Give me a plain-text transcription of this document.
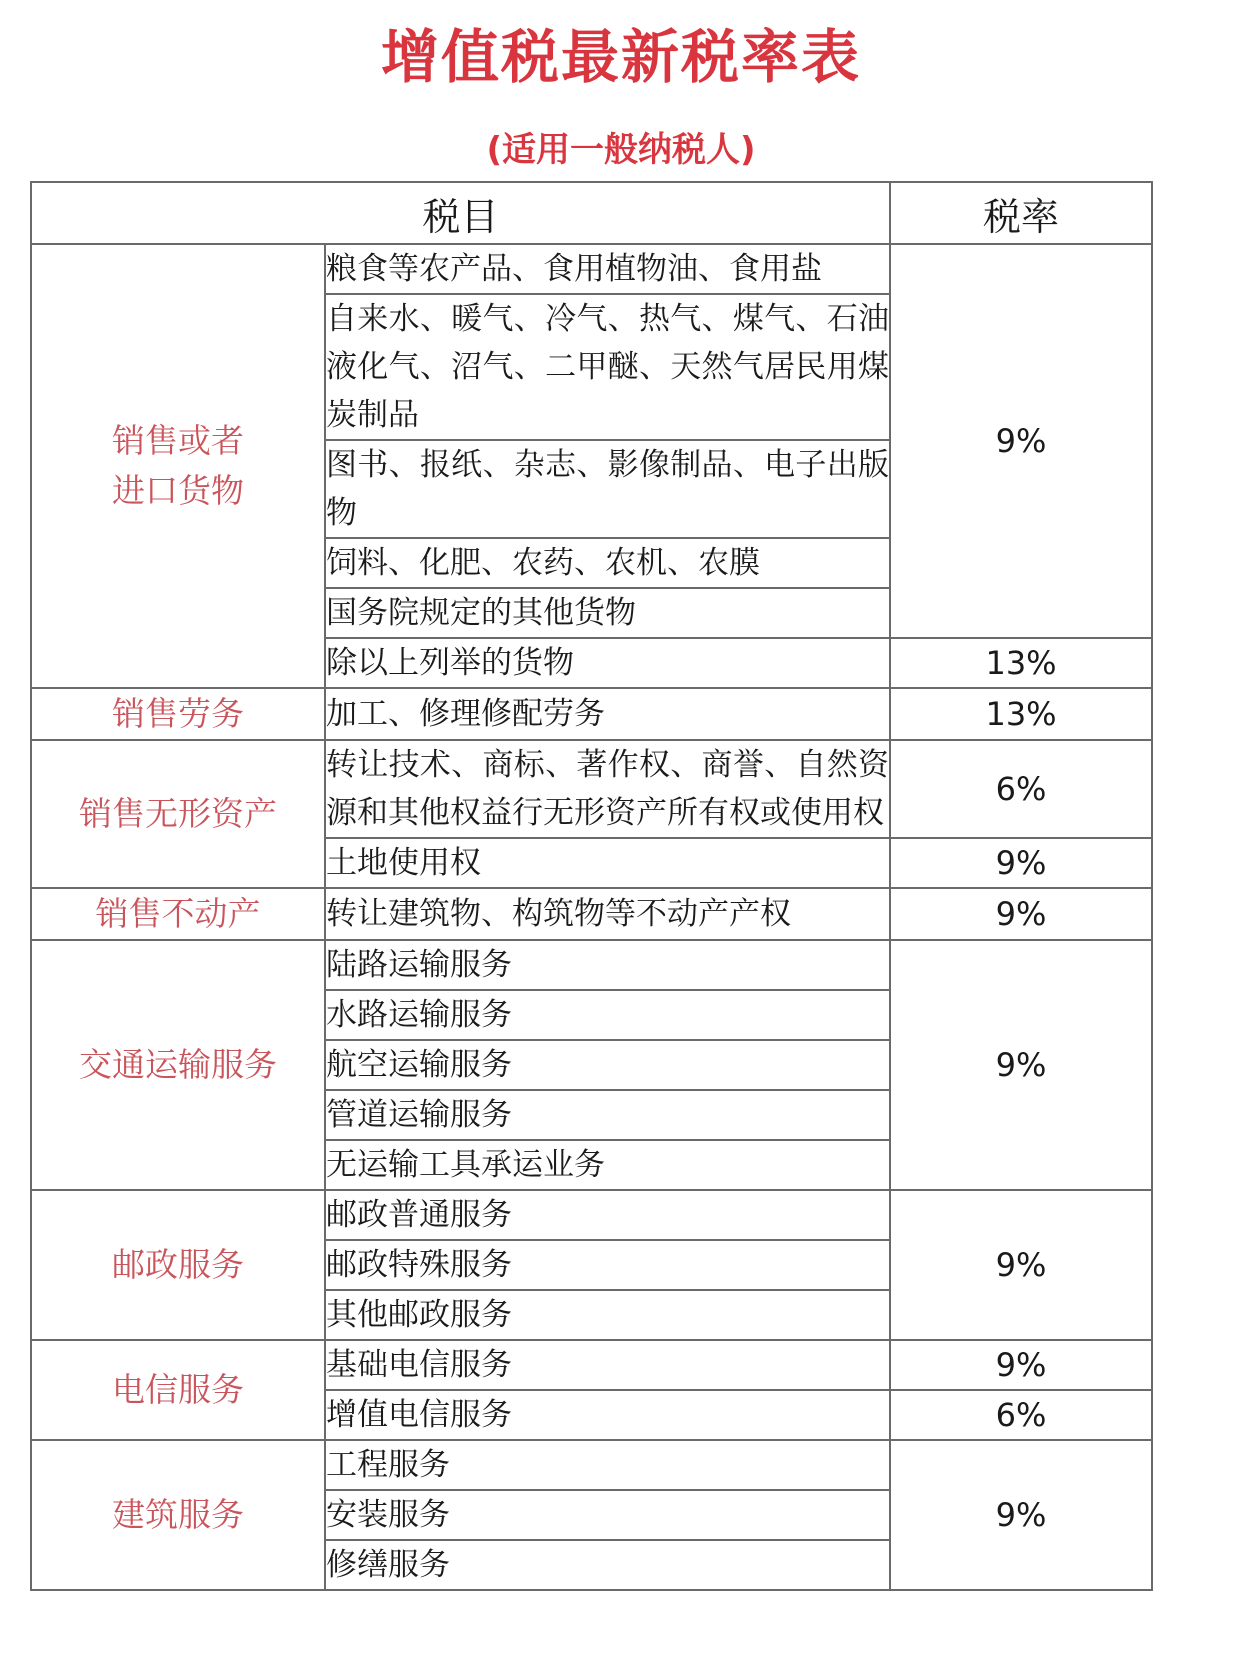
增值税最新税率表
(适用一般纳税人)
税目		税率
销售或者
进口货物	粮食等农产品、食用植物油、食用盐	9%
	自来水、暖气、冷气、热气、煤气、石油液化气、沼气、二甲醚、天然气居民用煤炭制品	
	图书、报纸、杂志、影像制品、电子出版物	
	饲料、化肥、农药、农机、农膜	
	国务院规定的其他货物	
	除以上列举的货物	13%
销售劳务	加工、修理修配劳务	13%
销售无形资产	转让技术、商标、著作权、商誉、自然资源和其他权益行无形资产所有权或使用权	6%
	土地使用权	9%
销售不动产	转让建筑物、构筑物等不动产产权	9%
交通运输服务	陆路运输服务	9%
	水路运输服务	
	航空运输服务	
	管道运输服务	
	无运输工具承运业务	
邮政服务	邮政普通服务	9%
	邮政特殊服务	
	其他邮政服务	
电信服务	基础电信服务	9%
	增值电信服务	6%
建筑服务	工程服务	9%
	安装服务	
	修缮服务	
